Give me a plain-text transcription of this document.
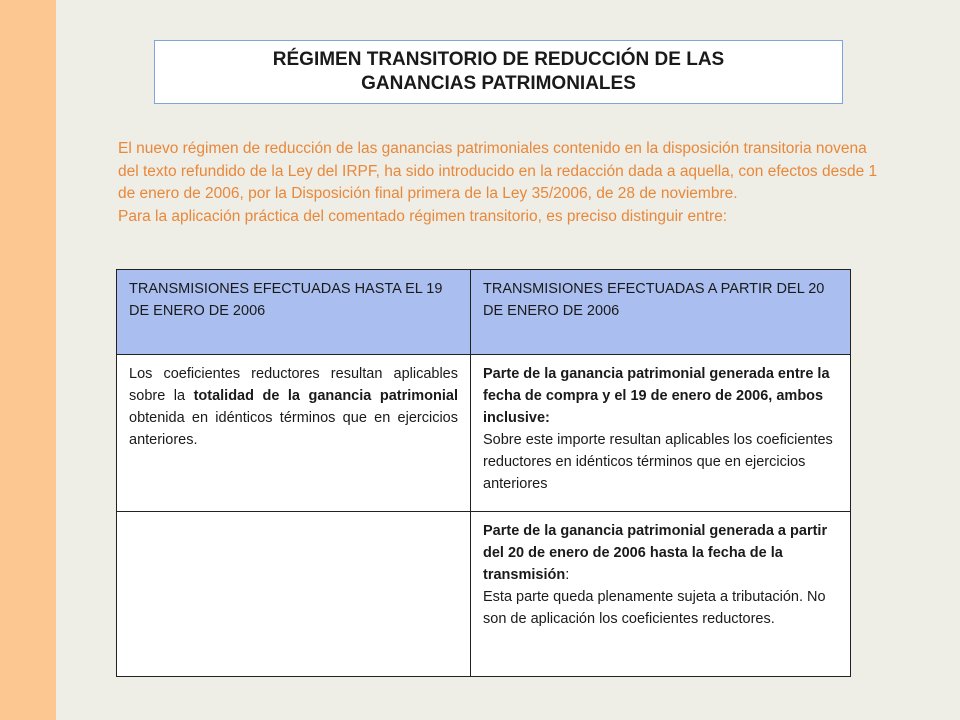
RÉGIMEN TRANSITORIO DE REDUCCIÓN DE LAS
GANANCIAS PATRIMONIALES

El nuevo régimen de reducción de las ganancias patrimoniales contenido en la disposición transitoria novena del texto refundido de la Ley del IRPF, ha sido introducido en la redacción dada a aquella, con efectos desde 1 de enero de 2006, por la Disposición final primera de la Ley 35/2006, de 28 de noviembre.

Para la aplicación práctica del comentado régimen transitorio, es preciso distinguir entre:

TRANSMISIONES EFECTUADAS HASTA EL 19 DE ENERO DE 2006	TRANSMISIONES EFECTUADAS A PARTIR DEL 20 DE ENERO DE 2006
Los coeficientes reductores resultan aplicables sobre la totalidad de la ganancia patrimonial obtenida en idénticos términos que en ejercicios anteriores.	Parte de la ganancia patrimonial generada entre la fecha de compra y el 19 de enero de 2006, ambos inclusive:
Sobre este importe resultan aplicables los coeficientes reductores en idénticos términos que en ejercicios anteriores

	Parte de la ganancia patrimonial generada a partir del 20 de enero de 2006 hasta la fecha de la transmisión:
Esta parte queda plenamente sujeta a tributación. No son de aplicación los coeficientes reductores.
